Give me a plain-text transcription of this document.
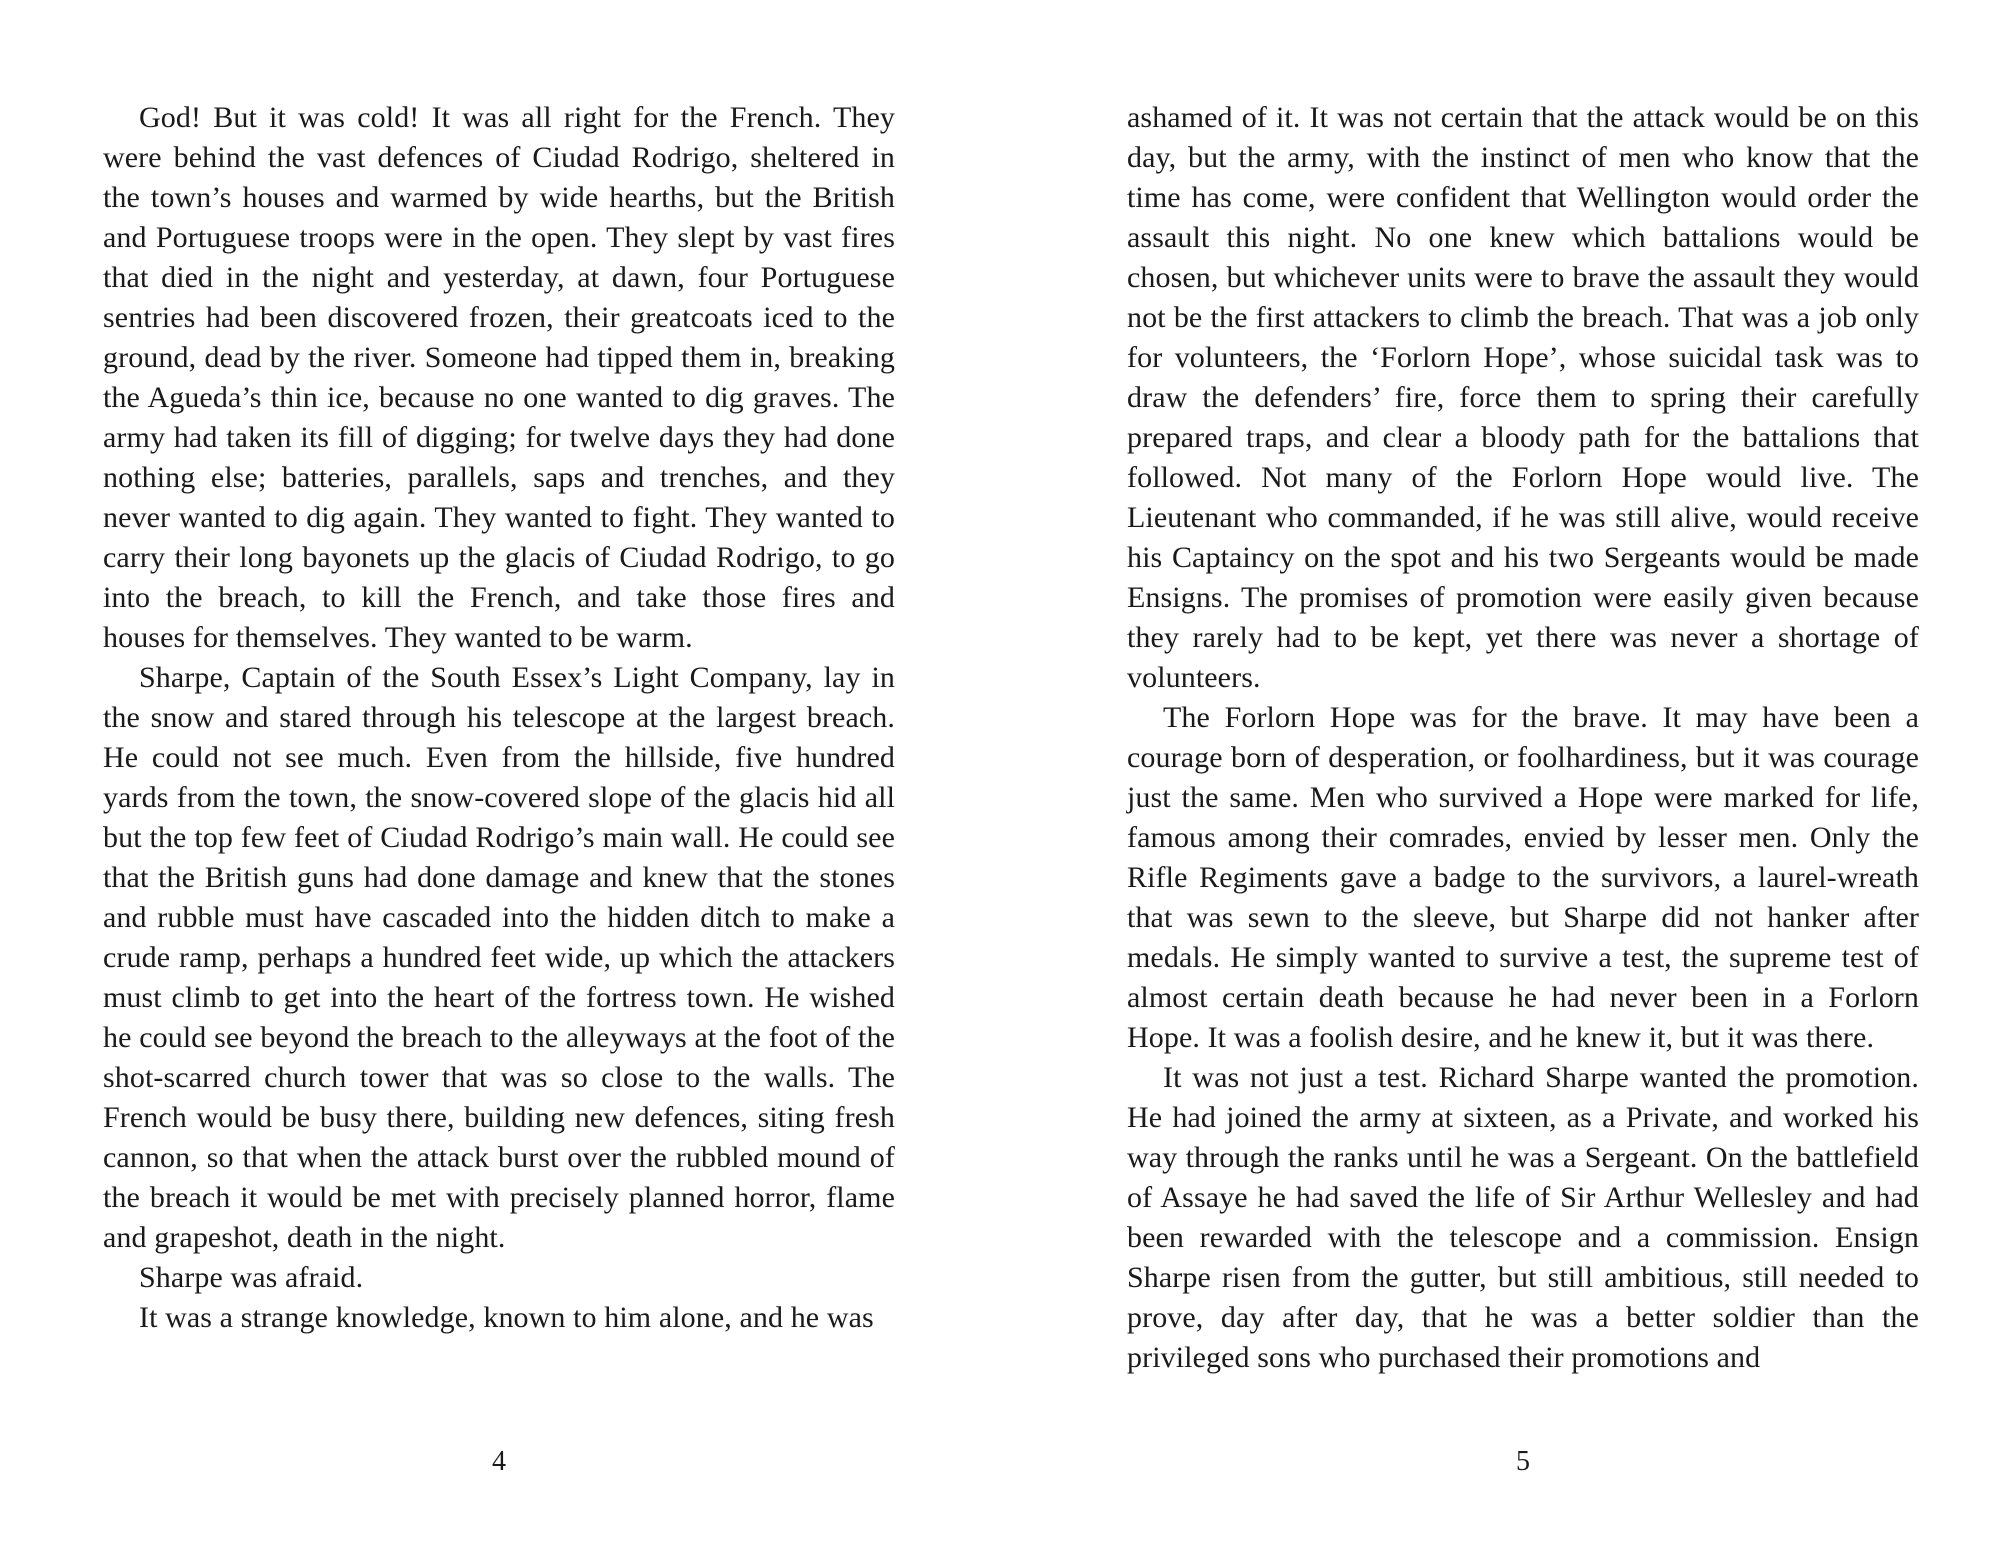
God! But it was cold! It was all right for the French. They were behind the vast defences of Ciudad Rodrigo, sheltered in the town’s houses and warmed by wide hearths, but the British and Portuguese troops were in the open. They slept by vast fires that died in the night and yesterday, at dawn, four Portuguese sentries had been discovered frozen, their greatcoats iced to the ground, dead by the river. Someone had tipped them in, breaking the Agueda’s thin ice, because no one wanted to dig graves. The army had taken its fill of digging; for twelve days they had done nothing else; batteries, parallels, saps and trenches, and they never wanted to dig again. They wanted to fight. They wanted to carry their long bayonets up the glacis of Ciudad Rodrigo, to go into the breach, to kill the French, and take those fires and houses for themselves. They wanted to be warm.

Sharpe, Captain of the South Essex’s Light Company, lay in the snow and stared through his telescope at the largest breach. He could not see much. Even from the hillside, five hundred yards from the town, the snow-covered slope of the glacis hid all but the top few feet of Ciudad Rodrigo’s main wall. He could see that the British guns had done damage and knew that the stones and rubble must have cascaded into the hidden ditch to make a crude ramp, perhaps a hundred feet wide, up which the attackers must climb to get into the heart of the fortress town. He wished he could see beyond the breach to the alleyways at the foot of the shot-scarred church tower that was so close to the walls. The French would be busy there, building new defences, siting fresh cannon, so that when the attack burst over the rubbled mound of the breach it would be met with precisely planned horror, flame and grapeshot, death in the night.

Sharpe was afraid.

It was a strange knowledge, known to him alone, and he was

4

ashamed of it. It was not certain that the attack would be on this day, but the army, with the instinct of men who know that the time has come, were confident that Wellington would order the assault this night. No one knew which battalions would be chosen, but whichever units were to brave the assault they would not be the first attackers to climb the breach. That was a job only for volunteers, the ‘Forlorn Hope’, whose suicidal task was to draw the defenders’ fire, force them to spring their carefully prepared traps, and clear a bloody path for the battalions that followed. Not many of the Forlorn Hope would live. The Lieutenant who commanded, if he was still alive, would receive his Captaincy on the spot and his two Sergeants would be made Ensigns. The promises of promotion were easily given because they rarely had to be kept, yet there was never a shortage of volunteers.

The Forlorn Hope was for the brave. It may have been a courage born of desperation, or foolhardiness, but it was courage just the same. Men who survived a Hope were marked for life, famous among their comrades, envied by lesser men. Only the Rifle Regiments gave a badge to the survivors, a laurel-wreath that was sewn to the sleeve, but Sharpe did not hanker after medals. He simply wanted to survive a test, the supreme test of almost certain death because he had never been in a Forlorn Hope. It was a foolish desire, and he knew it, but it was there.

It was not just a test. Richard Sharpe wanted the promotion. He had joined the army at sixteen, as a Private, and worked his way through the ranks until he was a Sergeant. On the battlefield of Assaye he had saved the life of Sir Arthur Wellesley and had been rewarded with the telescope and a commission. Ensign Sharpe risen from the gutter, but still ambitious, still needed to prove, day after day, that he was a better soldier than the privileged sons who purchased their promotions and

5
